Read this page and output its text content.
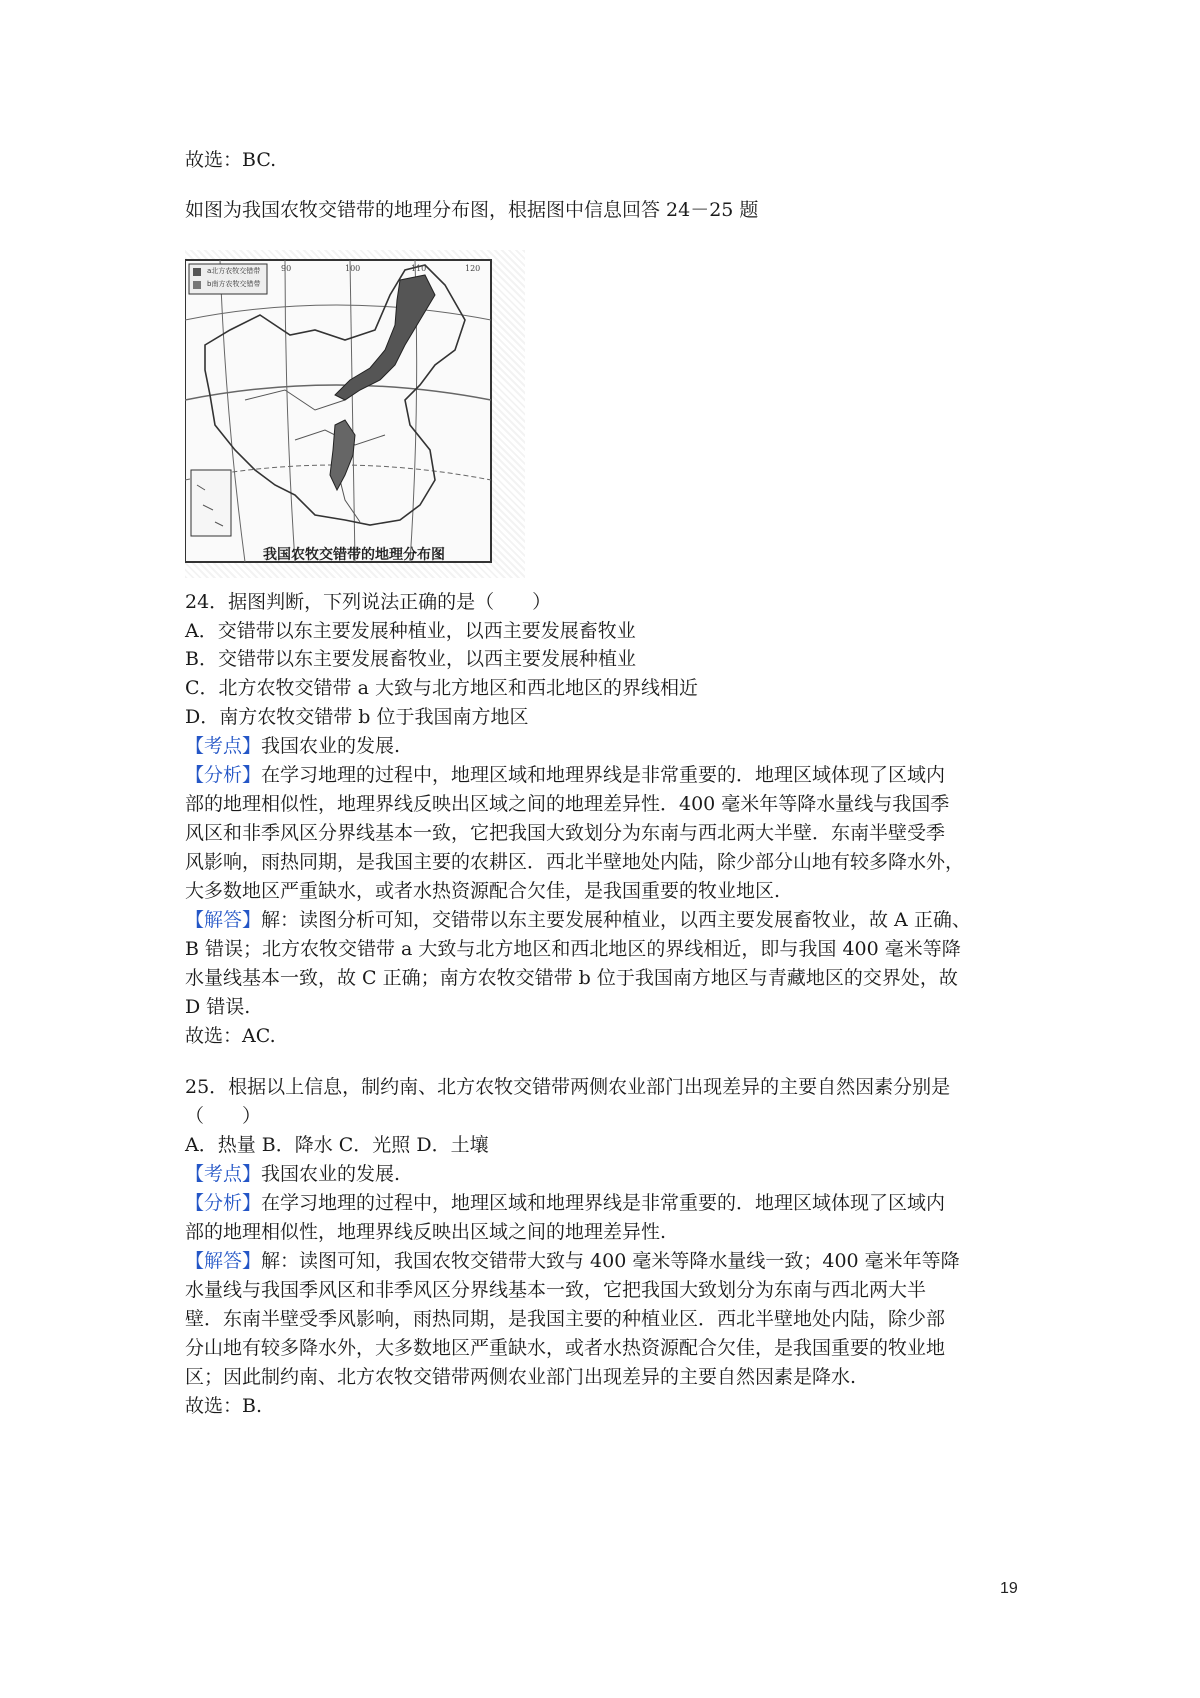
故选：BC.
如图为我国农牧交错带的地理分布图，根据图中信息回答 24－25 题
a北方农牧交错带
b南方农牧交错带
90	100	110	120
我国农牧交错带的地理分布图
24．据图判断，下列说法正确的是（　　）
A．交错带以东主要发展种植业，以西主要发展畜牧业
B．交错带以东主要发展畜牧业，以西主要发展种植业
C．北方农牧交错带 a 大致与北方地区和西北地区的界线相近
D．南方农牧交错带 b 位于我国南方地区
【考点】我国农业的发展.
【分析】在学习地理的过程中，地理区域和地理界线是非常重要的．地理区域体现了区域内
部的地理相似性，地理界线反映出区域之间的地理差异性．400 毫米年等降水量线与我国季
风区和非季风区分界线基本一致，它把我国大致划分为东南与西北两大半壁．东南半壁受季
风影响，雨热同期，是我国主要的农耕区．西北半壁地处内陆，除少部分山地有较多降水外，
大多数地区严重缺水，或者水热资源配合欠佳，是我国重要的牧业地区.
【解答】解：读图分析可知，交错带以东主要发展种植业，以西主要发展畜牧业，故 A 正确、
B 错误；北方农牧交错带 a 大致与北方地区和西北地区的界线相近，即与我国 400 毫米等降
水量线基本一致，故 C 正确；南方农牧交错带 b 位于我国南方地区与青藏地区的交界处，故
D 错误.
故选：AC.
25．根据以上信息，制约南、北方农牧交错带两侧农业部门出现差异的主要自然因素分别是
（　　）
A．热量 B．降水 C．光照 D．土壤
【考点】我国农业的发展.
【分析】在学习地理的过程中，地理区域和地理界线是非常重要的．地理区域体现了区域内
部的地理相似性，地理界线反映出区域之间的地理差异性.
【解答】解：读图可知，我国农牧交错带大致与 400 毫米等降水量线一致；400 毫米年等降
水量线与我国季风区和非季风区分界线基本一致，它把我国大致划分为东南与西北两大半
壁．东南半壁受季风影响，雨热同期，是我国主要的种植业区．西北半壁地处内陆，除少部
分山地有较多降水外，大多数地区严重缺水，或者水热资源配合欠佳，是我国重要的牧业地
区；因此制约南、北方农牧交错带两侧农业部门出现差异的主要自然因素是降水.
故选：B.
19
